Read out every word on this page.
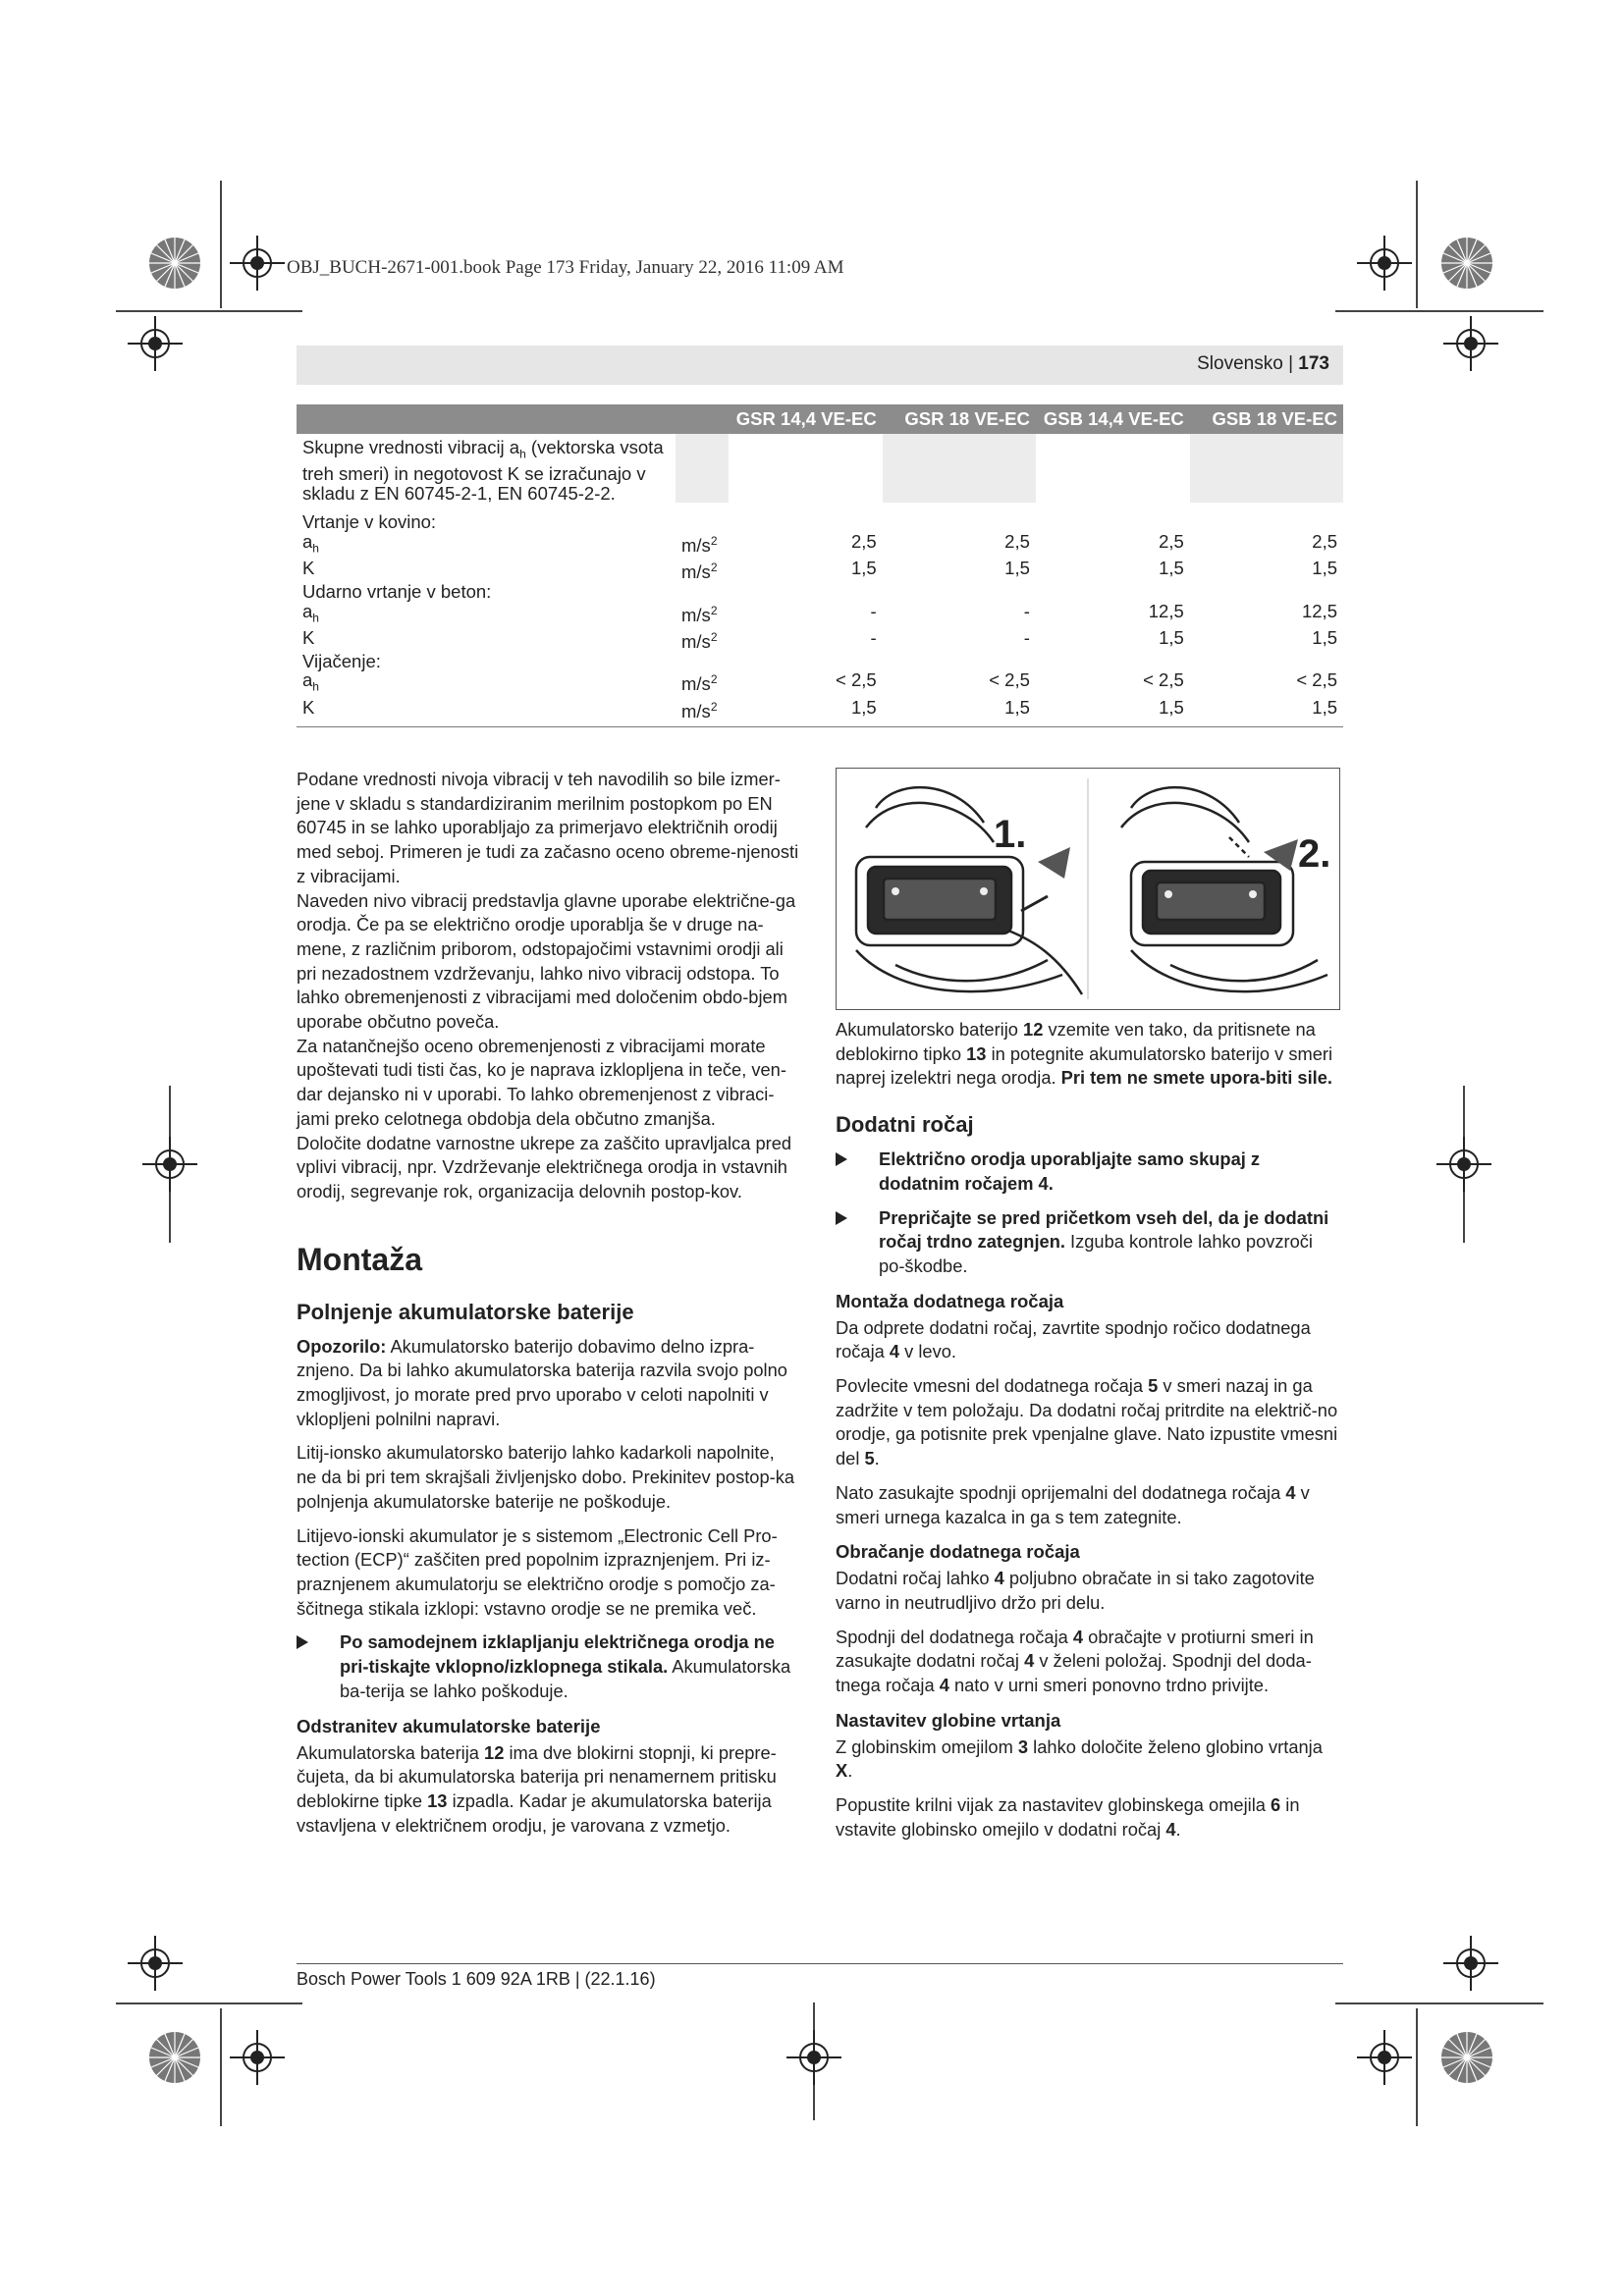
OBJ_BUCH-2671-001.book Page 173 Friday, January 22, 2016 11:09 AM
Slovensko | 173
		GSR 14,4 VE-EC	GSR 18 VE-EC	GSB 14,4 VE-EC	GSB 18 VE-EC
Skupne vrednosti vibracij $a_h$ (vektorska vsota
treh smeri) in negotovost K se izračunajo v
skladu z EN 60745-2-1, EN 60745-2-2.					
Vrtanje v kovino:					
$a_h$	$m/s^2$	2,5	2,5	2,5	2,5
K	$m/s^2$	1,5	1,5	1,5	1,5
Udarno vrtanje v beton:					
$a_h$	$m/s^2$	-	-	12,5	12,5
K	$m/s^2$	-	-	1,5	1,5
Vijačenje:					
$a_h$	$m/s^2$	< 2,5	< 2,5	< 2,5	< 2,5
K	$m/s^2$	1,5	1,5	1,5	1,5

Podane vrednosti nivoja vibracij v teh navodilih so bile izmer-jene v skladu s standardiziranim merilnim postopkom po EN 60745 in se lahko uporabljajo za primerjavo električnih orodij med seboj. Primeren je tudi za začasno oceno obreme-njenosti z vibracijami.

Naveden nivo vibracij predstavlja glavne uporabe električne-ga orodja. Če pa se električno orodje uporablja še v druge na-mene, z različnim priborom, odstopajočimi vstavnimi orodji ali pri nezadostnem vzdrževanju, lahko nivo vibracij odstopa. To lahko obremenjenosti z vibracijami med določenim obdo-bjem uporabe občutno poveča.

Za natančnejšo oceno obremenjenosti z vibracijami morate upoštevati tudi tisti čas, ko je naprava izklopljena in teče, ven-dar dejansko ni v uporabi. To lahko obremenjenost z vibraci-jami preko celotnega obdobja dela občutno zmanjša.

Določite dodatne varnostne ukrepe za zaščito upravljalca pred vplivi vibracij, npr. Vzdrževanje električnega orodja in vstavnih orodij, segrevanje rok, organizacija delovnih postop-kov.

Montaža
Polnjenje akumulatorske baterije

Opozorilo: Akumulatorsko baterijo dobavimo delno izpra-znjeno. Da bi lahko akumulatorska baterija razvila svojo polno zmogljivost, jo morate pred prvo uporabo v celoti napolniti v vklopljeni polnilni napravi.

Litij-ionsko akumulatorsko baterijo lahko kadarkoli napolnite, ne da bi pri tem skrajšali življenjsko dobo. Prekinitev postop-ka polnjenja akumulatorske baterije ne poškoduje.

Litijevo-ionski akumulator je s sistemom „Electronic Cell Pro-tection (ECP)“ zaščiten pred popolnim izpraznjenjem. Pri iz-praznjenem akumulatorju se električno orodje s pomočjo za-ščitnega stikala izklopi: vstavno orodje se ne premika več.

Po samodejnem izklapljanju električnega orodja ne pri-tiskajte vklopno/izklopnega stikala. Akumulatorska ba-terija se lahko poškoduje.

Odstranitev akumulatorske baterije

Akumulatorska baterija 12 ima dve blokirni stopnji, ki prepre-čujeta, da bi akumulatorska baterija pri nenamernem pritisku deblokirne tipke 13 izpadla. Kadar je akumulatorska baterija vstavljena v električnem orodju, je varovana z vzmetjo.

1.	2.

Akumulatorsko baterijo 12 vzemite ven tako, da pritisnete na deblokirno tipko 13 in potegnite akumulatorsko baterijo v smeri naprej izelektri nega orodja. Pri tem ne smete upora-biti sile.

Dodatni ročaj

Električno orodja uporabljajte samo skupaj z dodatnim ročajem 4.

Prepričajte se pred pričetkom vseh del, da je dodatni ročaj trdno zategnjen. Izguba kontrole lahko povzroči po-škodbe.

Montaža dodatnega ročaja

Da odprete dodatni ročaj, zavrtite spodnjo ročico dodatnega ročaja 4 v levo.

Povlecite vmesni del dodatnega ročaja 5 v smeri nazaj in ga zadržite v tem položaju. Da dodatni ročaj pritrdite na električ-no orodje, ga potisnite prek vpenjalne glave. Nato izpustite vmesni del 5.

Nato zasukajte spodnji oprijemalni del dodatnega ročaja 4 v smeri urnega kazalca in ga s tem zategnite.

Obračanje dodatnega ročaja

Dodatni ročaj lahko 4 poljubno obračate in si tako zagotovite varno in neutrudljivo držo pri delu.

Spodnji del dodatnega ročaja 4 obračajte v protiurni smeri in zasukajte dodatni ročaj 4 v želeni položaj. Spodnji del doda-tnega ročaja 4 nato v urni smeri ponovno trdno privijte.

Nastavitev globine vrtanja

Z globinskim omejilom 3 lahko določite želeno globino vrtanja X.

Popustite krilni vijak za nastavitev globinskega omejila 6 in vstavite globinsko omejilo v dodatni ročaj 4.

Bosch Power Tools 1 609 92A 1RB | (22.1.16)
